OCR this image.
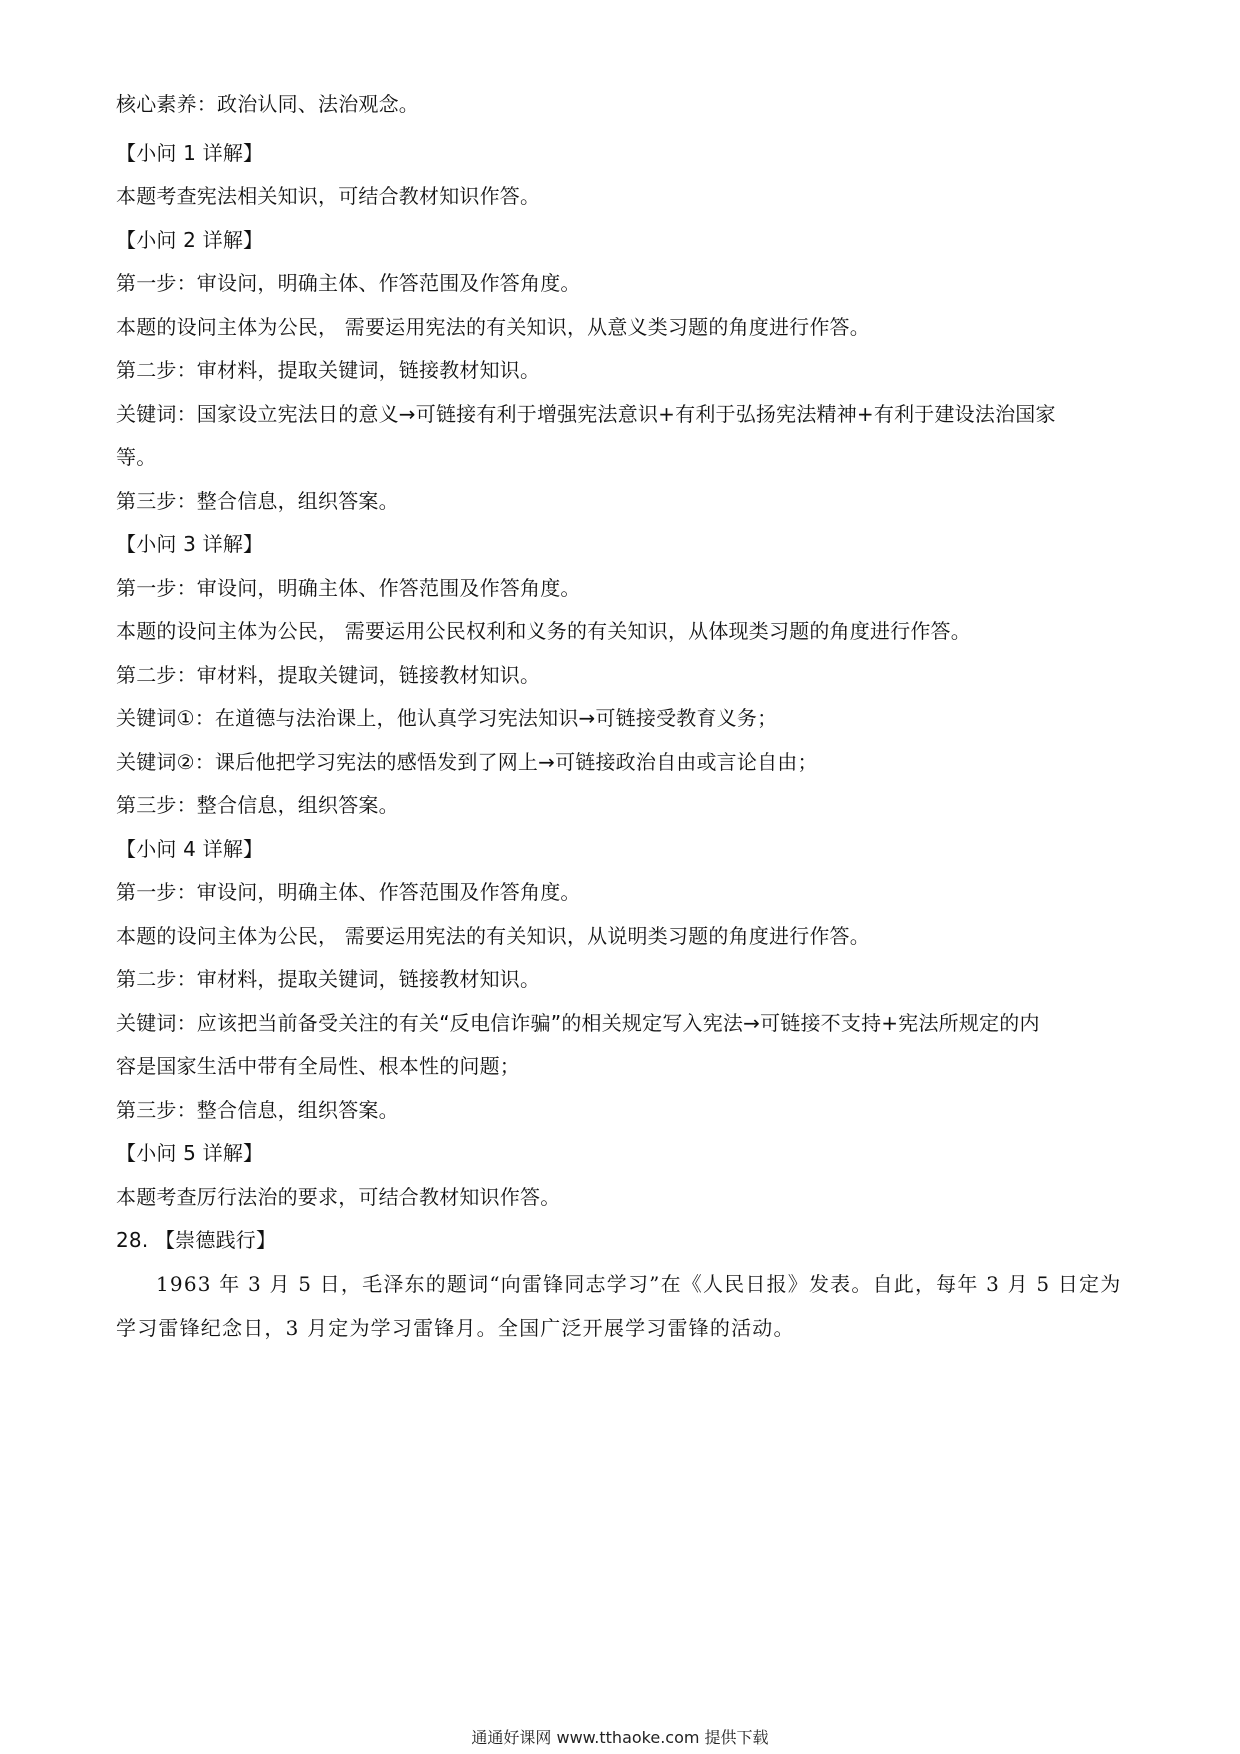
核心素养：政治认同、法治观念。
【小问 1 详解】
本题考查宪法相关知识，可结合教材知识作答。
【小问 2 详解】
第一步：审设问，明确主体、作答范围及作答角度。
本题的设问主体为公民， 需要运用宪法的有关知识，从意义类习题的角度进行作答。
第二步：审材料，提取关键词，链接教材知识。
关键词：国家设立宪法日的意义→可链接有利于增强宪法意识+有利于弘扬宪法精神+有利于建设法治国家
等。
第三步：整合信息，组织答案。
【小问 3 详解】
第一步：审设问，明确主体、作答范围及作答角度。
本题的设问主体为公民， 需要运用公民权利和义务的有关知识，从体现类习题的角度进行作答。
第二步：审材料，提取关键词，链接教材知识。
关键词①：在道德与法治课上，他认真学习宪法知识→可链接受教育义务；
关键词②：课后他把学习宪法的感悟发到了网上→可链接政治自由或言论自由；
第三步：整合信息，组织答案。
【小问 4 详解】
第一步：审设问，明确主体、作答范围及作答角度。
本题的设问主体为公民， 需要运用宪法的有关知识，从说明类习题的角度进行作答。
第二步：审材料，提取关键词，链接教材知识。
关键词：应该把当前备受关注的有关“反电信诈骗”的相关规定写入宪法→可链接不支持+宪法所规定的内
容是国家生活中带有全局性、根本性的问题；
第三步：整合信息，组织答案。
【小问 5 详解】
本题考查厉行法治的要求，可结合教材知识作答。
28. 【崇德践行】
1963 年 3 月 5 日，毛泽东的题词“向雷锋同志学习”在《人民日报》发表。自此，每年 3 月 5 日定为
学习雷锋纪念日，3 月定为学习雷锋月。全国广泛开展学习雷锋的活动。
通通好课网 www.tthaoke.com 提供下载
